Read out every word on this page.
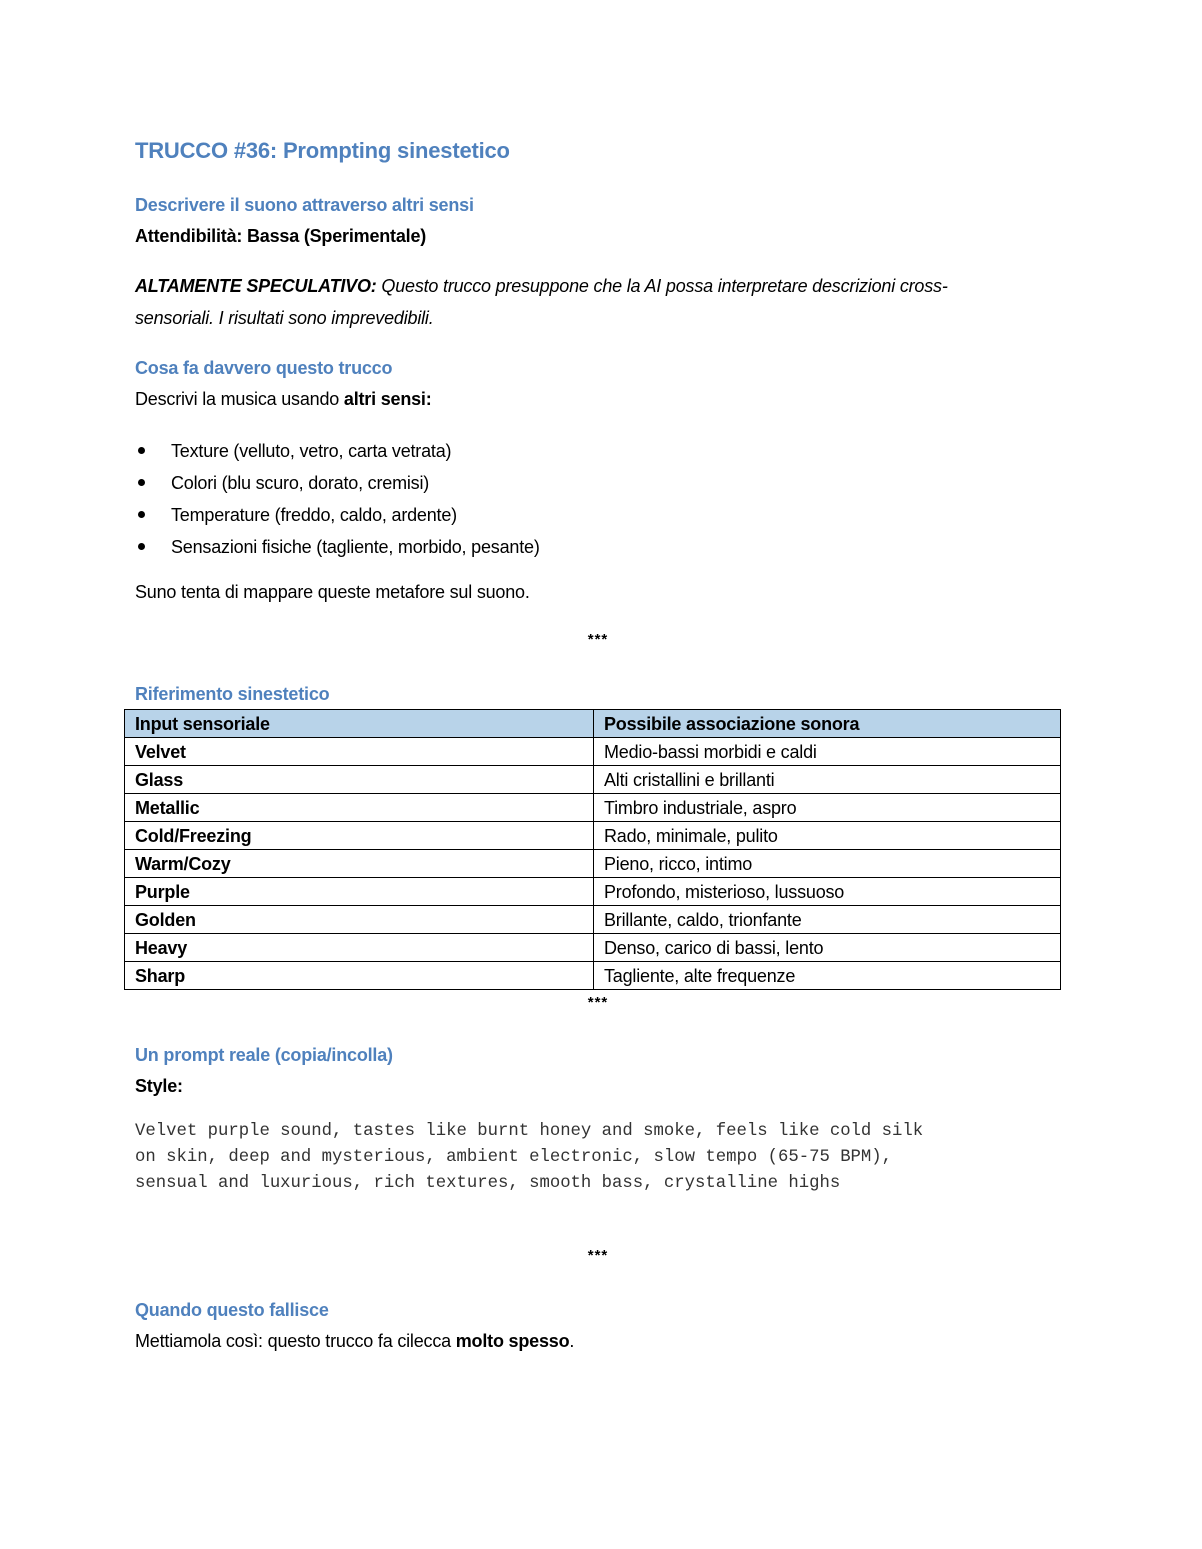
TRUCCO #36: Prompting sinestetico
Descrivere il suono attraverso altri sensi
Attendibilità: Bassa (Sperimentale)
ALTAMENTE SPECULATIVO: Questo trucco presuppone che la AI possa interpretare descrizioni cross-
sensoriali. I risultati sono imprevedibili.
Cosa fa davvero questo trucco
Descrivi la musica usando altri sensi:
Texture (velluto, vetro, carta vetrata)
Colori (blu scuro, dorato, cremisi)
Temperature (freddo, caldo, ardente)
Sensazioni fisiche (tagliente, morbido, pesante)
Suno tenta di mappare queste metafore sul suono.
***
Riferimento sinestetico
Input sensoriale	Possibile associazione sonora
Velvet	Medio-bassi morbidi e caldi
Glass	Alti cristallini e brillanti
Metallic	Timbro industriale, aspro
Cold/Freezing	Rado, minimale, pulito
Warm/Cozy	Pieno, ricco, intimo
Purple	Profondo, misterioso, lussuoso
Golden	Brillante, caldo, trionfante
Heavy	Denso, carico di bassi, lento
Sharp	Tagliente, alte frequenze
***
Un prompt reale (copia/incolla)
Style:
Velvet purple sound, tastes like burnt honey and smoke, feels like cold silk
on skin, deep and mysterious, ambient electronic, slow tempo (65-75 BPM),
sensual and luxurious, rich textures, smooth bass, crystalline highs
***
Quando questo fallisce
Mettiamola così: questo trucco fa cilecca molto spesso.
